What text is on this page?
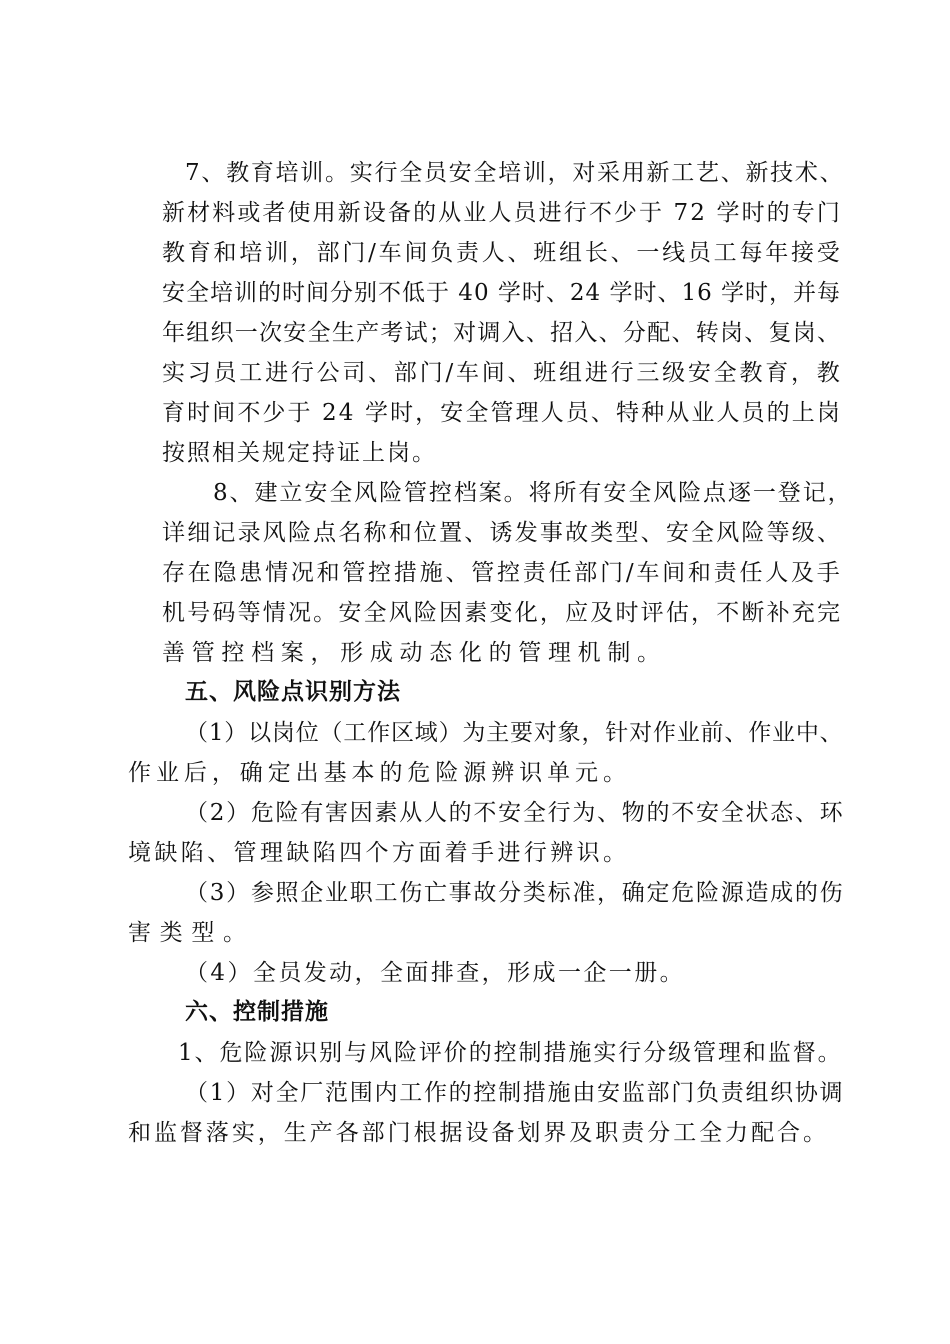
7、教育培训。实行全员安全培训，对采用新工艺、新技术、
新材料或者使用新设备的从业人员进行不少于 72 学时的专门
教育和培训，部门/车间负责人、班组长、一线员工每年接受
安全培训的时间分别不低于 40 学时、24 学时、16 学时，并每
年组织一次安全生产考试；对调入、招入、分配、转岗、复岗、
实习员工进行公司、部门/车间、班组进行三级安全教育，教
育时间不少于 24 学时，安全管理人员、特种从业人员的上岗
按照相关规定持证上岗。
8、建立安全风险管控档案。将所有安全风险点逐一登记，
详细记录风险点名称和位置、诱发事故类型、安全风险等级、
存在隐患情况和管控措施、管控责任部门/车间和责任人及手
机号码等情况。安全风险因素变化，应及时评估，不断补充完
善管控档案，形成动态化的管理机制。
五、风险点识别方法
（1）以岗位（工作区域）为主要对象，针对作业前、作业中、
作业后，确定出基本的危险源辨识单元。
（2）危险有害因素从人的不安全行为、物的不安全状态、环
境缺陷、管理缺陷四个方面着手进行辨识。
（3）参照企业职工伤亡事故分类标准，确定危险源造成的伤
害类型。
（4）全员发动，全面排查，形成一企一册。
六、控制措施
1、危险源识别与风险评价的控制措施实行分级管理和监督。
（1）对全厂范围内工作的控制措施由安监部门负责组织协调
和监督落实，生产各部门根据设备划界及职责分工全力配合。
